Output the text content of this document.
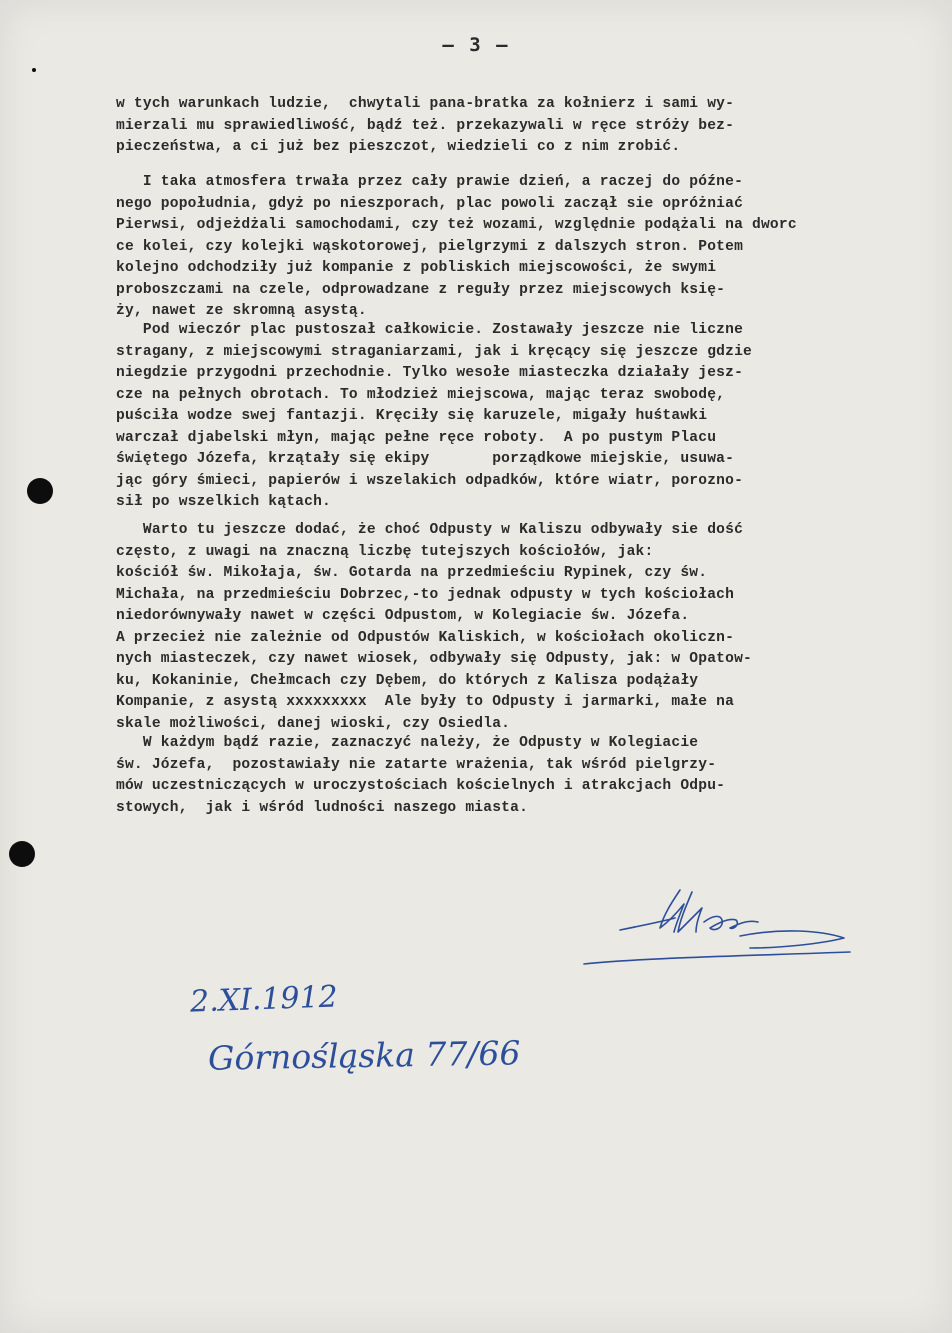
— 3 —
w tych warunkach ludzie,  chwytali pana-bratka za kołnierz i sami wy-
mierzali mu sprawiedliwość, bądź też. przekazywali w ręce stróży bez-
pieczeństwa, a ci już bez pieszczot, wiedzieli co z nim zrobić.
I taka atmosfera trwała przez cały prawie dzień, a raczej do późne-
nego popołudnia, gdyż po nieszporach, plac powoli zaczął sie opróżniać
Pierwsi, odjeżdżali samochodami, czy też wozami, względnie podążali na dworc
ce kolei, czy kolejki wąskotorowej, pielgrzymi z dalszych stron. Potem
kolejno odchodziły już kompanie z pobliskich miejscowości, że swymi
proboszczami na czele, odprowadzane z reguły przez miejscowych księ-
ży, nawet ze skromną asystą.
Pod wieczór plac pustoszał całkowicie. Zostawały jeszcze nie liczne
stragany, z miejscowymi straganiarzami, jak i kręcący się jeszcze gdzie
niegdzie przygodni przechodnie. Tylko wesołe miasteczka działały jesz-
cze na pełnych obrotach. To młodzież miejscowa, mając teraz swobodę,
puściła wodze swej fantazji. Kręciły się karuzele, migały huśtawki
warczał djabelski młyn, mając pełne ręce roboty.  A po pustym Placu
świętego Józefa, krzątały się ekipy       porządkowe miejskie, usuwa-
jąc góry śmieci, papierów i wszelakich odpadków, które wiatr, porozno-
sił po wszelkich kątach.
Warto tu jeszcze dodać, że choć Odpusty w Kaliszu odbywały sie dość
często, z uwagi na znaczną liczbę tutejszych kościołów, jak:
kościół św. Mikołaja, św. Gotarda na przedmieściu Rypinek, czy św.
Michała, na przedmieściu Dobrzec,-to jednak odpusty w tych kościołach
niedorównywały nawet w części Odpustom, w Kolegiacie św. Józefa.
A przecież nie zależnie od Odpustów Kaliskich, w kościołach okoliczn-
nych miasteczek, czy nawet wiosek, odbywały się Odpusty, jak: w Opatow-
ku, Kokaninie, Chełmcach czy Dębem, do których z Kalisza podążały
Kompanie, z asystą xxxxxxxxx  Ale były to Odpusty i jarmarki, małe na
skale możliwości, danej wioski, czy Osiedla.
W każdym bądź razie, zaznaczyć należy, że Odpusty w Kolegiacie
św. Józefa,  pozostawiały nie zatarte wrażenia, tak wśród pielgrzy-
mów uczestniczących w uroczystościach kościelnych i atrakcjach Odpu-
stowych,  jak i wśród ludności naszego miasta.
2.XI.1912
Górnośląska 77/66
